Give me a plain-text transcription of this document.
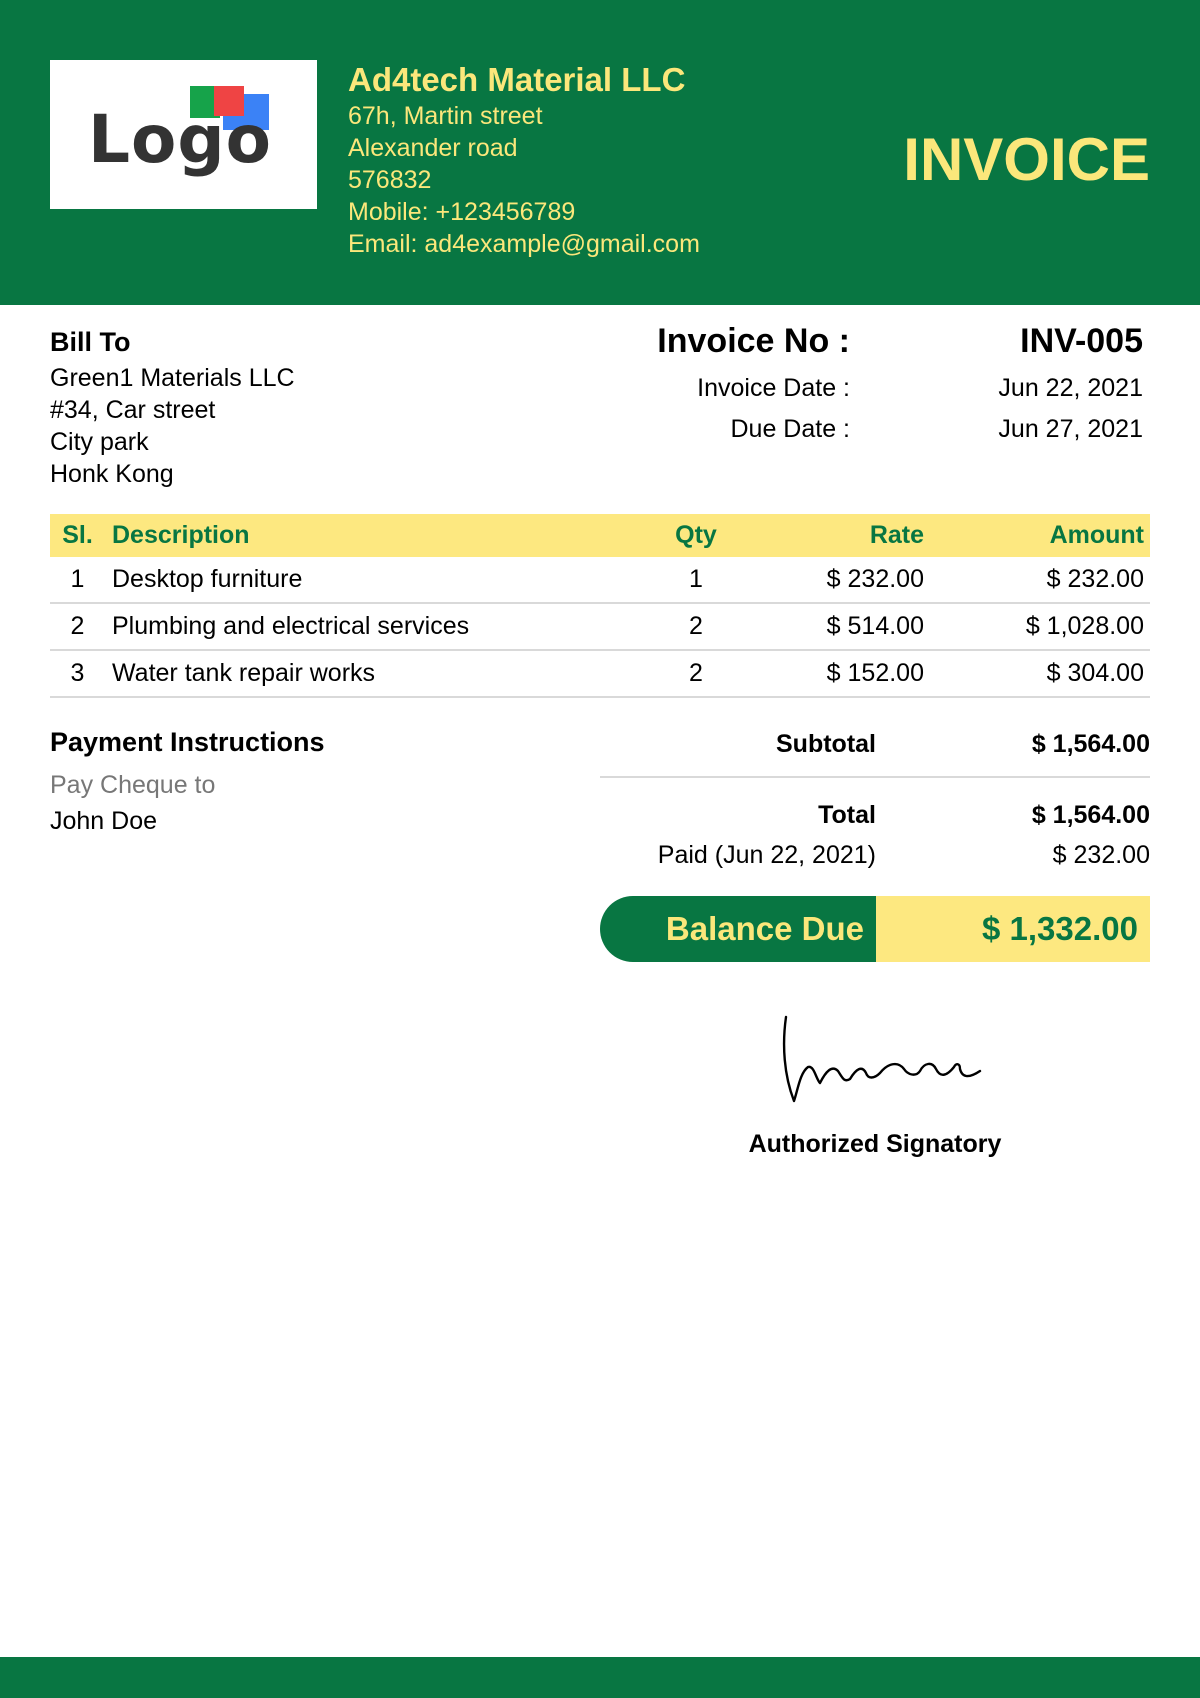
Logo
Ad4tech Material LLC
67h, Martin street
Alexander road
576832
Mobile: +123456789
Email: ad4example@gmail.com
INVOICE
Bill To
Green1 Materials LLC
#34, Car street
City park
Honk Kong
Invoice No :	INV-005
Invoice Date :	Jun 22, 2021
Due Date :	Jun 27, 2021
Sl. Description	Qty	Rate	Amount
1	Desktop furniture	1	$ 232.00	$ 232.00
2	Plumbing and electrical services	2	$ 514.00	$ 1,028.00
3	Water tank repair works	2	$ 152.00	$ 304.00
Payment Instructions
Pay Cheque to
John Doe
Subtotal	$ 1,564.00
Total	$ 1,564.00
Paid (Jun 22, 2021)	$ 232.00
Balance Due	$ 1,332.00
Authorized Signatory
